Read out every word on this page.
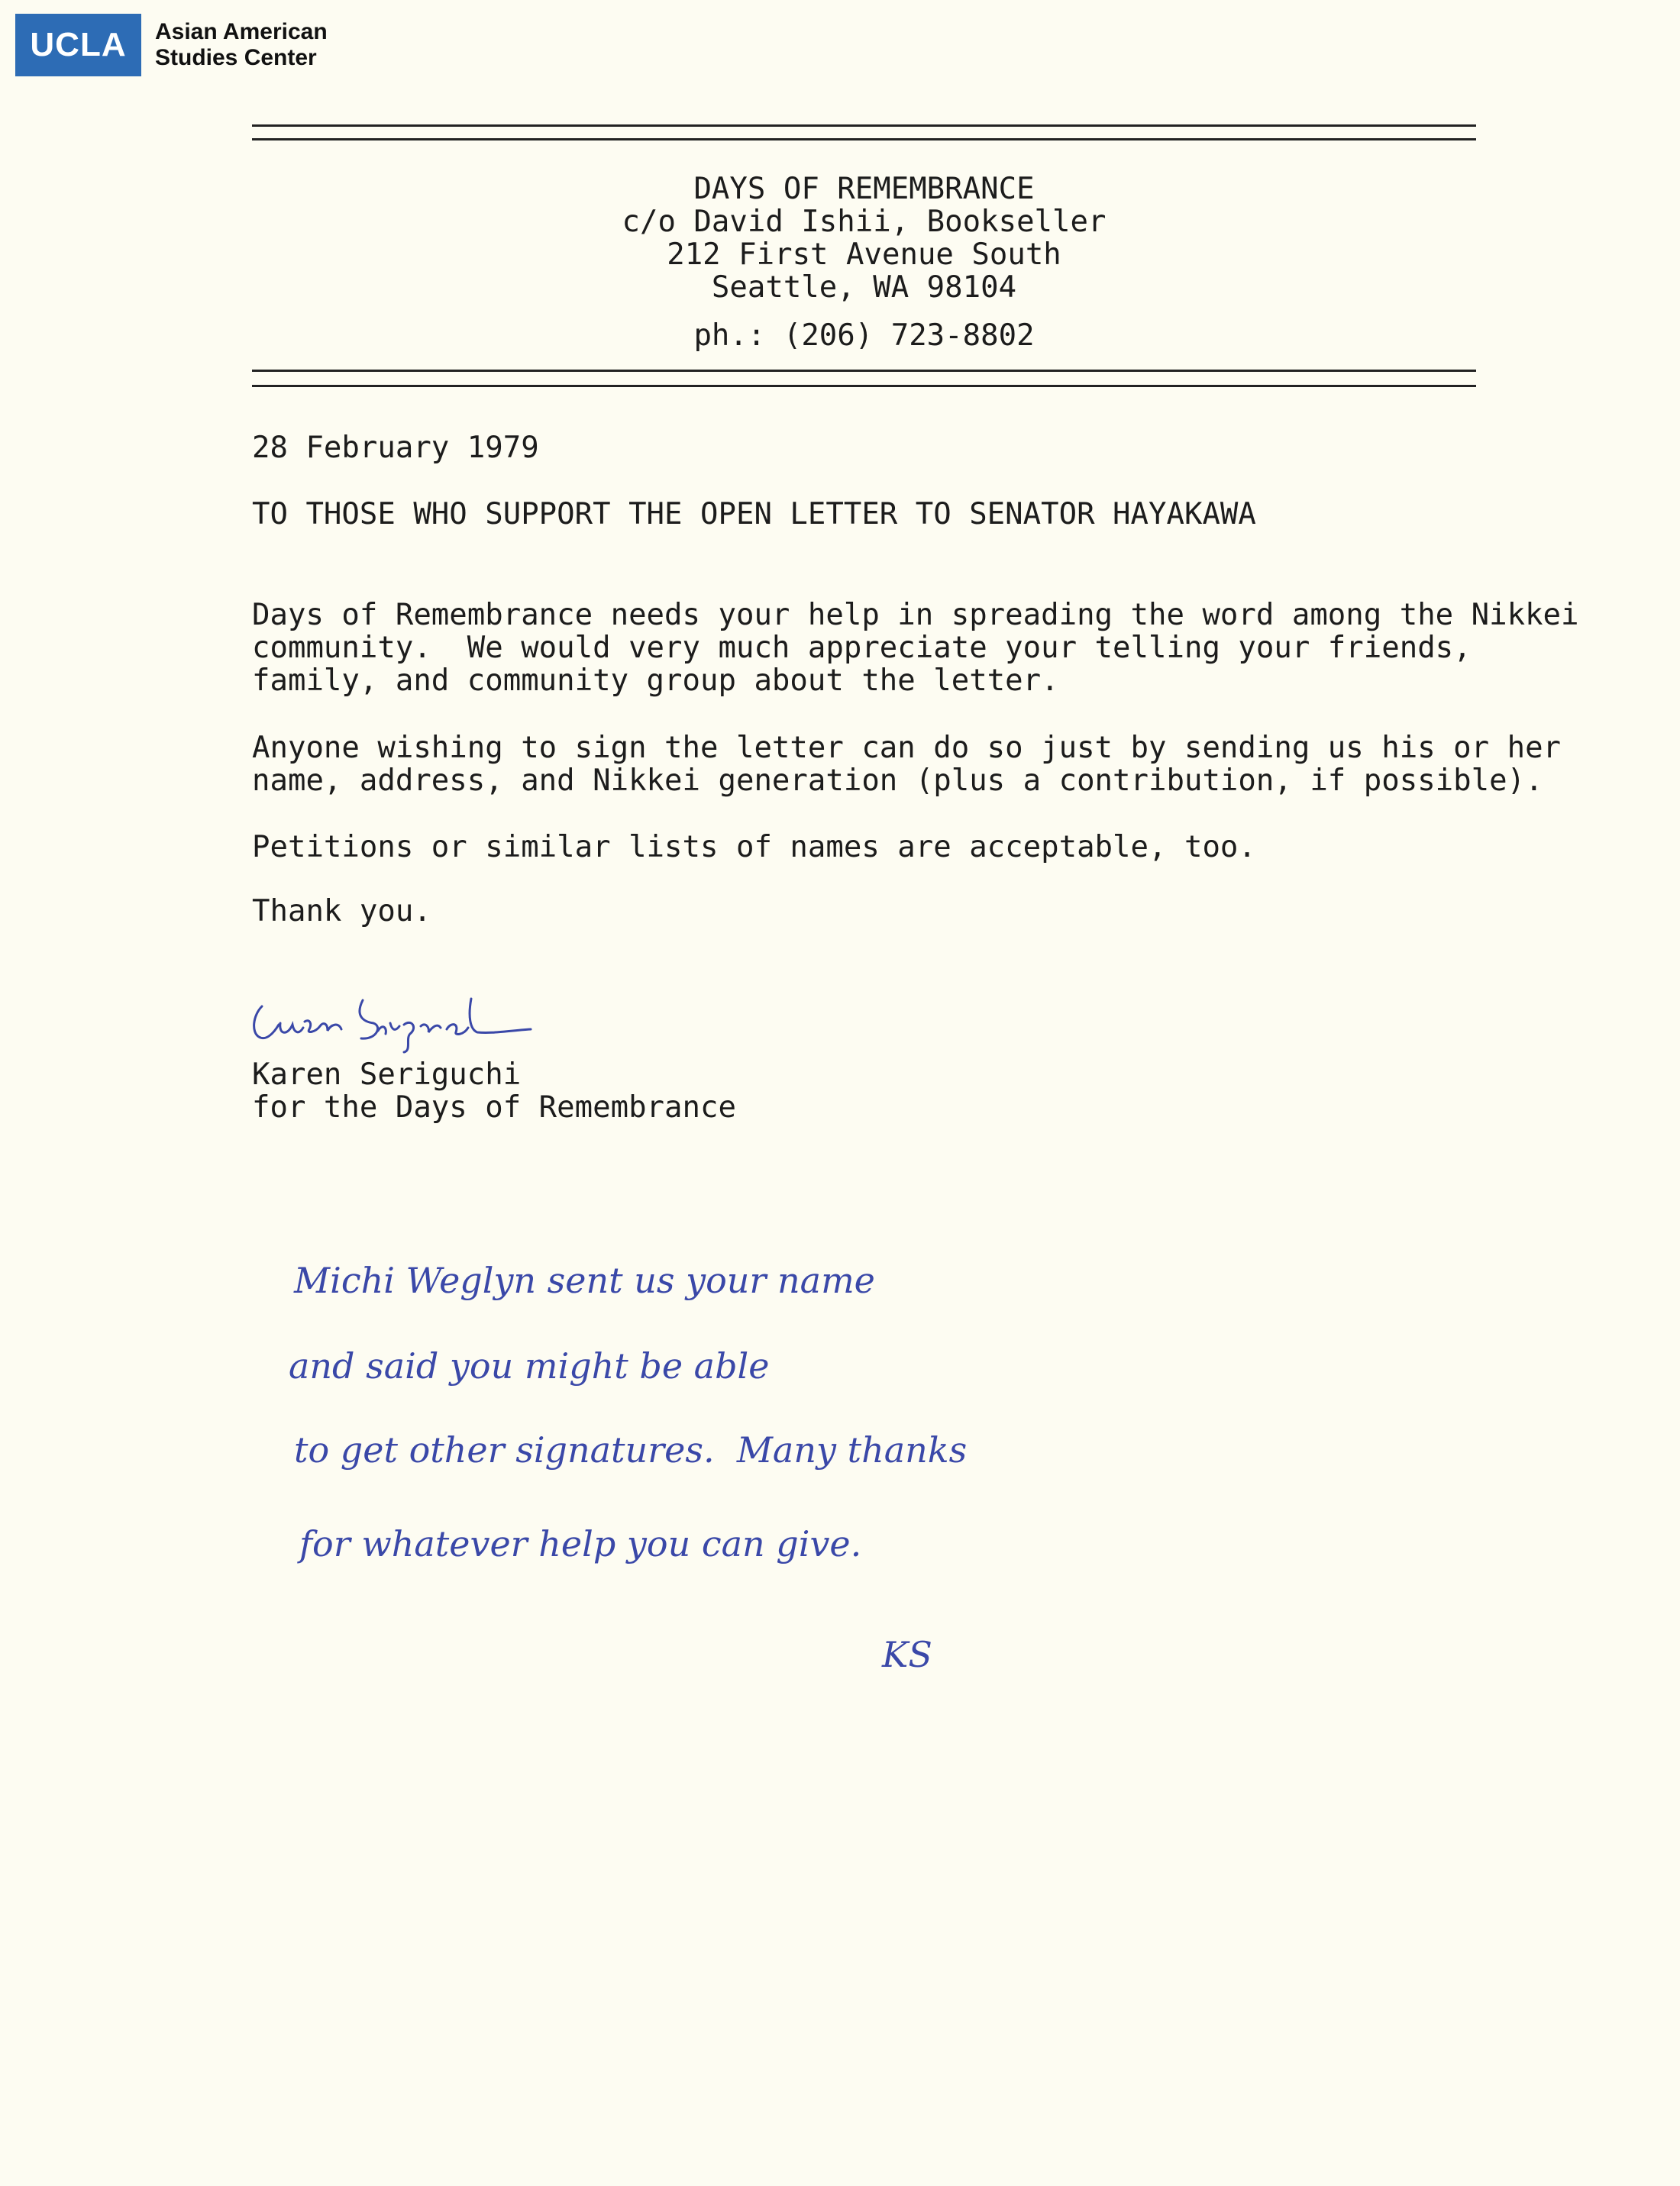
UCLA	Asian American
Studies Center
DAYS OF REMEMBRANCE
c/o David Ishii, Bookseller
212 First Avenue South
Seattle, WA 98104
ph.: (206) 723-8802
28 February 1979
TO THOSE WHO SUPPORT THE OPEN LETTER TO SENATOR HAYAKAWA
Days of Remembrance needs your help in spreading the word among the Nikkei
community.  We would very much appreciate your telling your friends,
family, and community group about the letter.
Anyone wishing to sign the letter can do so just by sending us his or her
name, address, and Nikkei generation (plus a contribution, if possible).
Petitions or similar lists of names are acceptable, too.
Thank you.
Karen Seriguchi
for the Days of Remembrance
Michi Weglyn sent us your name
and said you might be able
to get other signatures.  Many thanks
for whatever help you can give.
KS
